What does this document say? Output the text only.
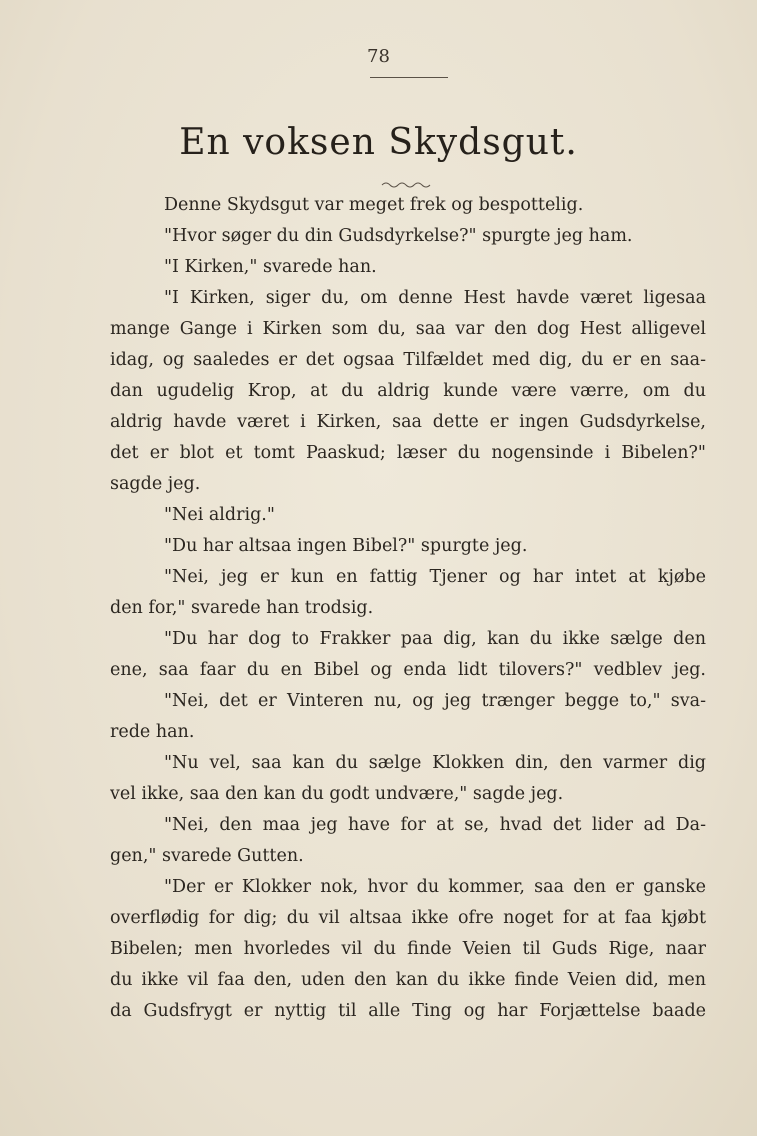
78
En voksen Skydsgut.
Denne Skydsgut var meget frek og bespottelig.
"Hvor søger du din Gudsdyrkelse?" spurgte jeg ham.
"I Kirken," svarede han.
"I Kirken, siger du, om denne Hest havde været ligesaa
mange Gange i Kirken som du, saa var den dog Hest alligevel
idag, og saaledes er det ogsaa Tilfældet med dig, du er en saa-
dan ugudelig Krop, at du aldrig kunde være værre, om du
aldrig havde været i Kirken, saa dette er ingen Gudsdyrkelse,
det er blot et tomt Paaskud; læser du nogensinde i Bibelen?"
sagde jeg.
"Nei aldrig."
"Du har altsaa ingen Bibel?" spurgte jeg.
"Nei, jeg er kun en fattig Tjener og har intet at kjøbe
den for," svarede han trodsig.
"Du har dog to Frakker paa dig, kan du ikke sælge den
ene, saa faar du en Bibel og enda lidt tilovers?" vedblev jeg.
"Nei, det er Vinteren nu, og jeg trænger begge to," sva-
rede han.
"Nu vel, saa kan du sælge Klokken din, den varmer dig
vel ikke, saa den kan du godt undvære," sagde jeg.
"Nei, den maa jeg have for at se, hvad det lider ad Da-
gen," svarede Gutten.
"Der er Klokker nok, hvor du kommer, saa den er ganske
overflødig for dig; du vil altsaa ikke ofre noget for at faa kjøbt
Bibelen; men hvorledes vil du finde Veien til Guds Rige, naar
du ikke vil faa den, uden den kan du ikke finde Veien did, men
da Gudsfrygt er nyttig til alle Ting og har Forjættelse baade
